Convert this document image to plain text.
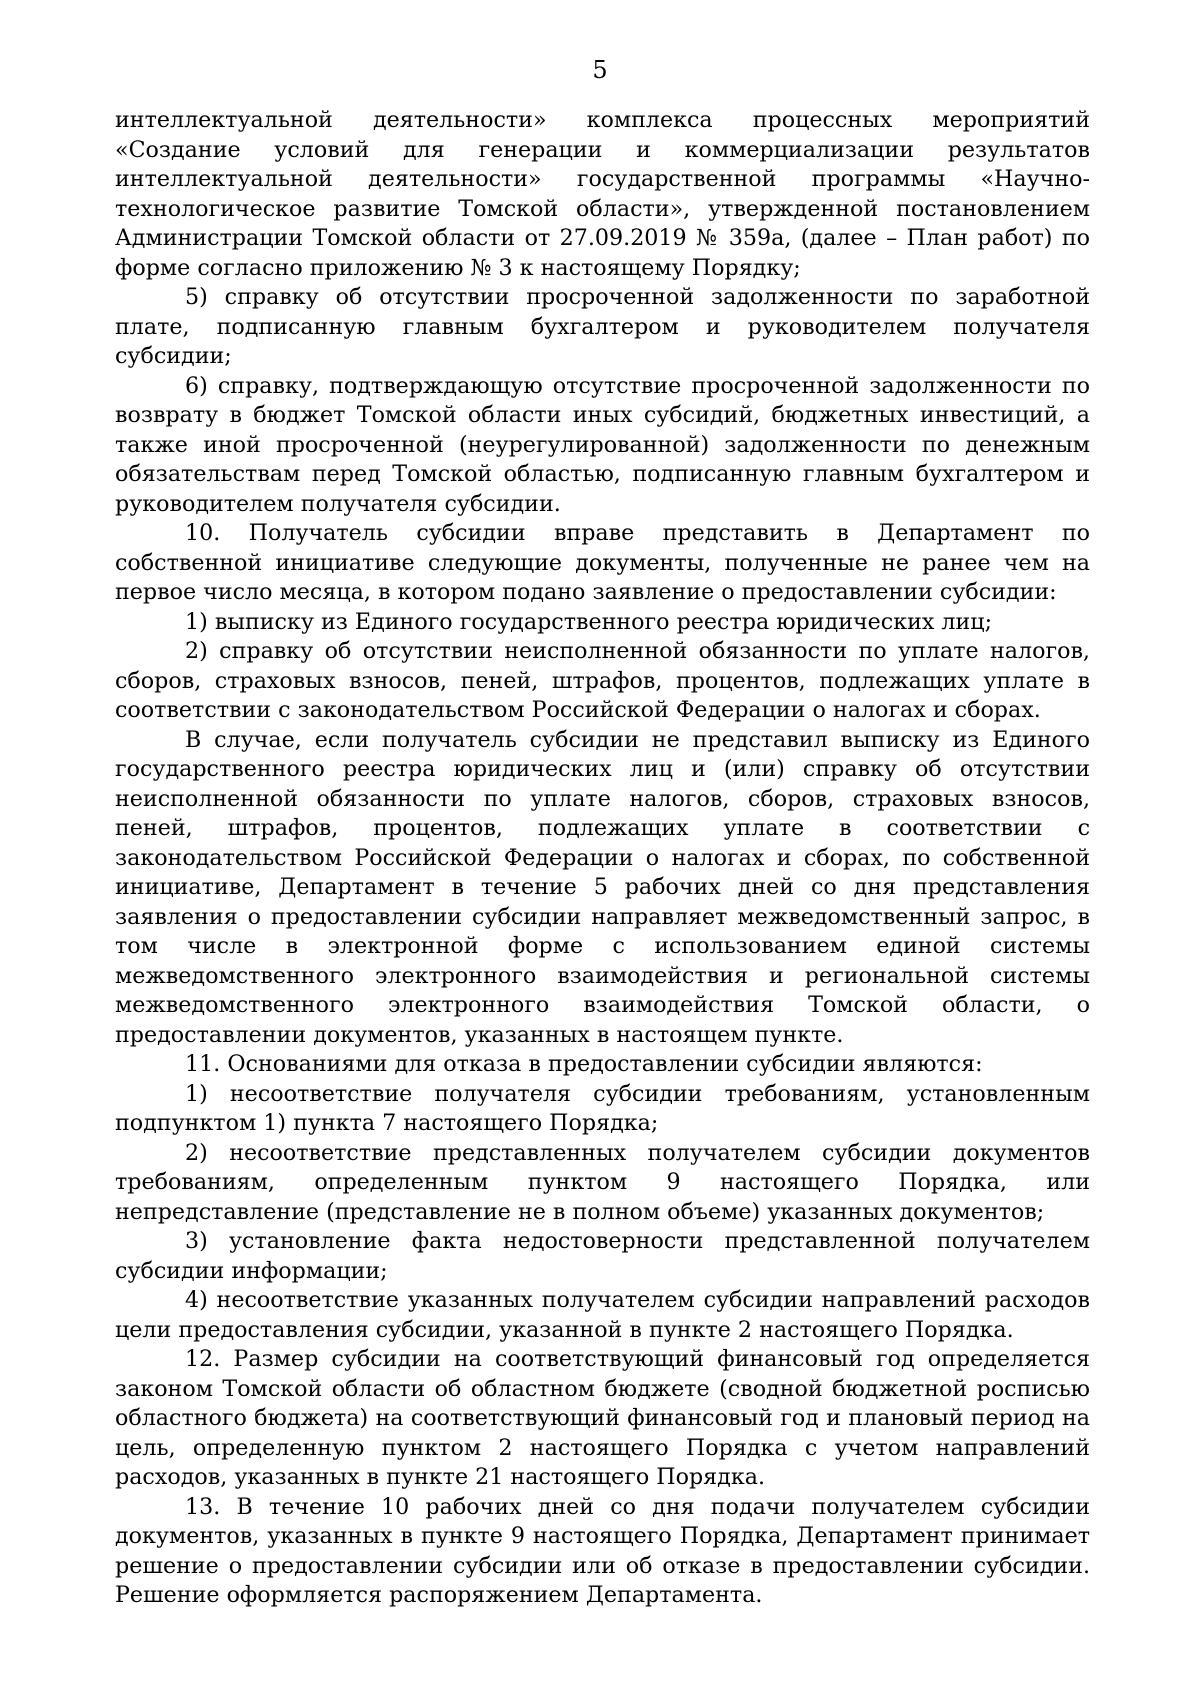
5

интеллектуальной деятельности» комплекса процессных мероприятий «Создание условий для генерации и коммерциализации результатов интеллектуальной деятельности» государственной программы «Научно-технологическое развитие Томской области», утвержденной постановлением Администрации Томской области от 27.09.2019 № 359а, (далее – План работ) по форме согласно приложению № 3 к настоящему Порядку;

5) справку об отсутствии просроченной задолженности по заработной плате, подписанную главным бухгалтером и руководителем получателя субсидии;

6) справку, подтверждающую отсутствие просроченной задолженности по возврату в бюджет Томской области иных субсидий, бюджетных инвестиций, а также иной просроченной (неурегулированной) задолженности по денежным обязательствам перед Томской областью, подписанную главным бухгалтером и руководителем получателя субсидии.

10. Получатель субсидии вправе представить в Департамент по собственной инициативе следующие документы, полученные не ранее чем на первое число месяца, в котором подано заявление о предоставлении субсидии:

1) выписку из Единого государственного реестра юридических лиц;

2) справку об отсутствии неисполненной обязанности по уплате налогов, сборов, страховых взносов, пеней, штрафов, процентов, подлежащих уплате в соответствии с законодательством Российской Федерации о налогах и сборах.

В случае, если получатель субсидии не представил выписку из Единого государственного реестра юридических лиц и (или) справку об отсутствии неисполненной обязанности по уплате налогов, сборов, страховых взносов, пеней, штрафов, процентов, подлежащих уплате в соответствии с законодательством Российской Федерации о налогах и сборах, по собственной инициативе, Департамент в течение 5 рабочих дней со дня представления заявления о предоставлении субсидии направляет межведомственный запрос, в том числе в электронной форме с использованием единой системы межведомственного электронного взаимодействия и региональной системы межведомственного электронного взаимодействия Томской области, о предоставлении документов, указанных в настоящем пункте.

11. Основаниями для отказа в предоставлении субсидии являются:

1) несоответствие получателя субсидии требованиям, установленным подпунктом 1) пункта 7 настоящего Порядка;

2) несоответствие представленных получателем субсидии документов требованиям, определенным пунктом 9 настоящего Порядка, или непредставление (представление не в полном объеме) указанных документов;

3) установление факта недостоверности представленной получателем субсидии информации;

4) несоответствие указанных получателем субсидии направлений расходов цели предоставления субсидии, указанной в пункте 2 настоящего Порядка.

12. Размер субсидии на соответствующий финансовый год определяется законом Томской области об областном бюджете (сводной бюджетной росписью областного бюджета) на соответствующий финансовый год и плановый период на цель, определенную пунктом 2 настоящего Порядка с учетом направлений расходов, указанных в пункте 21 настоящего Порядка.

13. В течение 10 рабочих дней со дня подачи получателем субсидии документов, указанных в пункте 9 настоящего Порядка, Департамент принимает решение о предоставлении субсидии или об отказе в предоставлении субсидии. Решение оформляется распоряжением Департамента.
